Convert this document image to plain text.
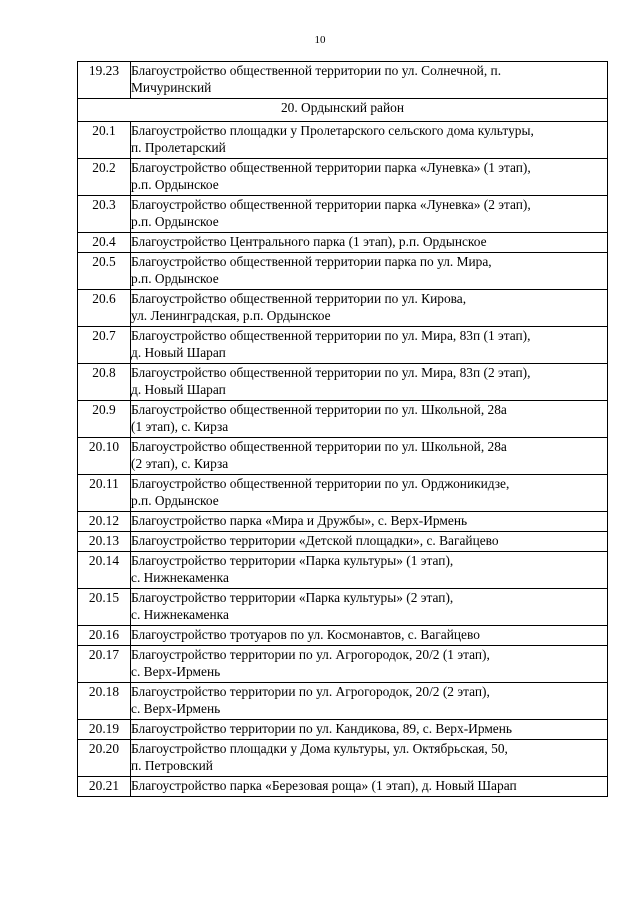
10
19.23	Благоустройство общественной территории по ул. Солнечной, п.
Мичуринский

20. Ордынский район	
20.1	Благоустройство площадки у Пролетарского сельского дома культуры,
п. Пролетарский

20.2	Благоустройство общественной территории парка «Луневка» (1 этап),
р.п. Ордынское

20.3	Благоустройство общественной территории парка «Луневка» (2 этап),
р.п. Ордынское

20.4	Благоустройство Центрального парка (1 этап), р.п. Ордынское

20.5	Благоустройство общественной территории парка по ул. Мира,
р.п. Ордынское

20.6	Благоустройство общественной территории по ул. Кирова,
ул. Ленинградская, р.п. Ордынское

20.7	Благоустройство общественной территории по ул. Мира, 83п (1 этап),
д. Новый Шарап

20.8	Благоустройство общественной территории по ул. Мира, 83п (2 этап),
д. Новый Шарап

20.9	Благоустройство общественной территории по ул. Школьной, 28а
(1 этап), с. Кирза

20.10	Благоустройство общественной территории по ул. Школьной, 28а
(2 этап), с. Кирза

20.11	Благоустройство общественной территории по ул. Орджоникидзе,
р.п. Ордынское

20.12	Благоустройство парка «Мира и Дружбы», с. Верх-Ирмень

20.13	Благоустройство территории «Детской площадки», с. Вагайцево

20.14	Благоустройство территории «Парка культуры» (1 этап),
с. Нижнекаменка

20.15	Благоустройство территории «Парка культуры» (2 этап),
с. Нижнекаменка

20.16	Благоустройство тротуаров по ул. Космонавтов, с. Вагайцево

20.17	Благоустройство территории по ул. Агрогородок, 20/2 (1 этап),
с. Верх-Ирмень

20.18	Благоустройство территории по ул. Агрогородок, 20/2 (2 этап),
с. Верх-Ирмень

20.19	Благоустройство территории по ул. Кандикова, 89, с. Верх-Ирмень

20.20	Благоустройство площадки у Дома культуры, ул. Октябрьская, 50,
п. Петровский

20.21	Благоустройство парка «Березовая роща» (1 этап), д. Новый Шарап
